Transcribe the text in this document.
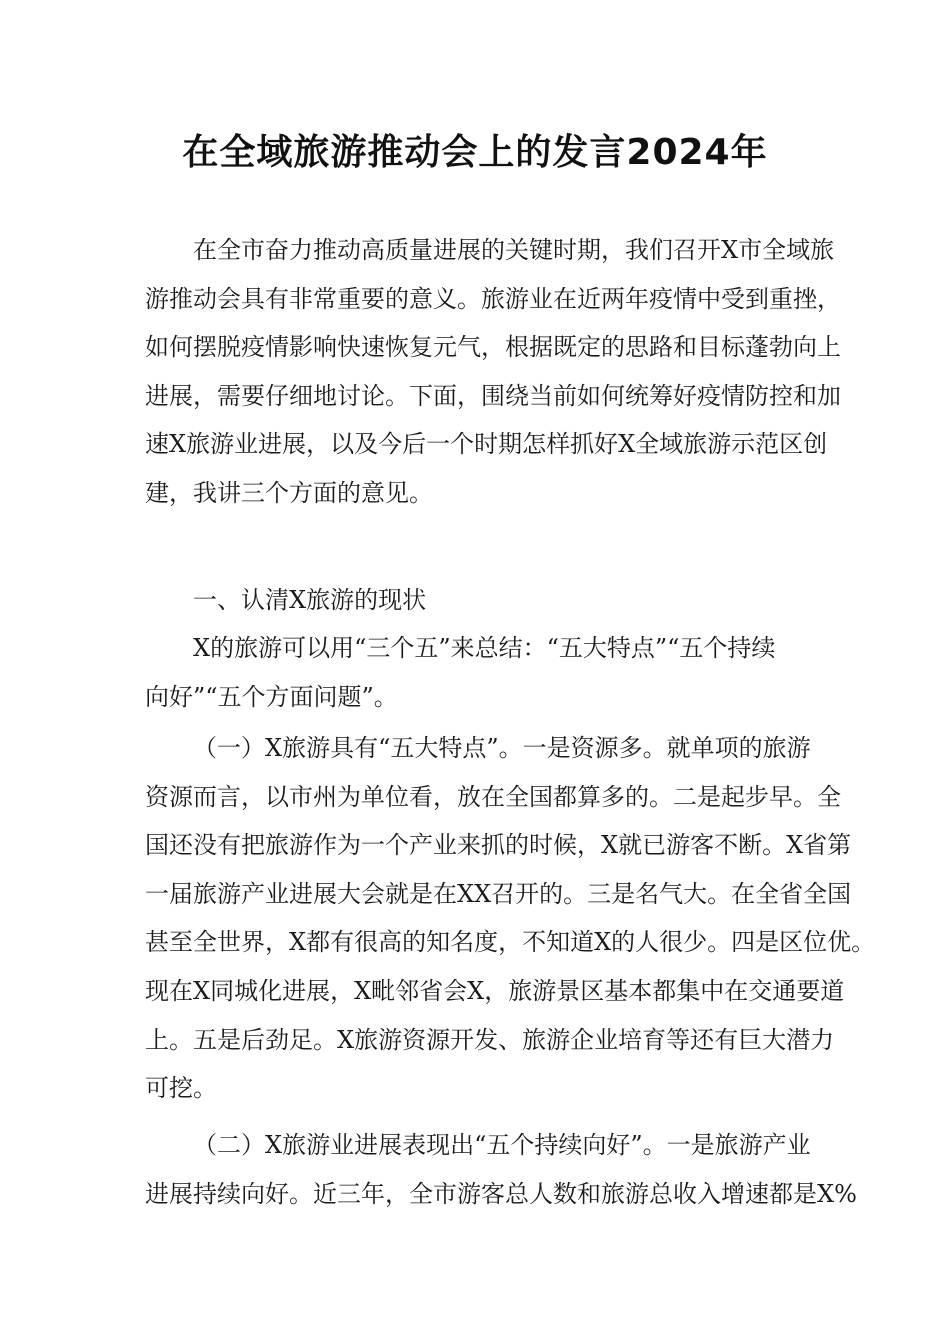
在全域旅游推动会上的发言2024年
在全市奋力推动高质量进展的关键时期，我们召开X市全域旅
游推动会具有非常重要的意义。旅游业在近两年疫情中受到重挫，
如何摆脱疫情影响快速恢复元气，根据既定的思路和目标蓬勃向上
进展，需要仔细地讨论。下面，围绕当前如何统筹好疫情防控和加
速X旅游业进展，以及今后一个时期怎样抓好X全域旅游示范区创
建，我讲三个方面的意见。
一、认清X旅游的现状
X的旅游可以用“三个五”来总结：“五大特点”“五个持续
向好”“五个方面问题”。
（一）X旅游具有“五大特点”。一是资源多。就单项的旅游
资源而言，以市州为单位看，放在全国都算多的。二是起步早。全
国还没有把旅游作为一个产业来抓的时候，X就已游客不断。X省第
一届旅游产业进展大会就是在XX召开的。三是名气大。在全省全国
甚至全世界，X都有很高的知名度，不知道X的人很少。四是区位优。
现在X同城化进展，X毗邻省会X，旅游景区基本都集中在交通要道
上。五是后劲足。X旅游资源开发、旅游企业培育等还有巨大潜力
可挖。
（二）X旅游业进展表现出“五个持续向好”。一是旅游产业
进展持续向好。近三年，全市游客总人数和旅游总收入增速都是X%
